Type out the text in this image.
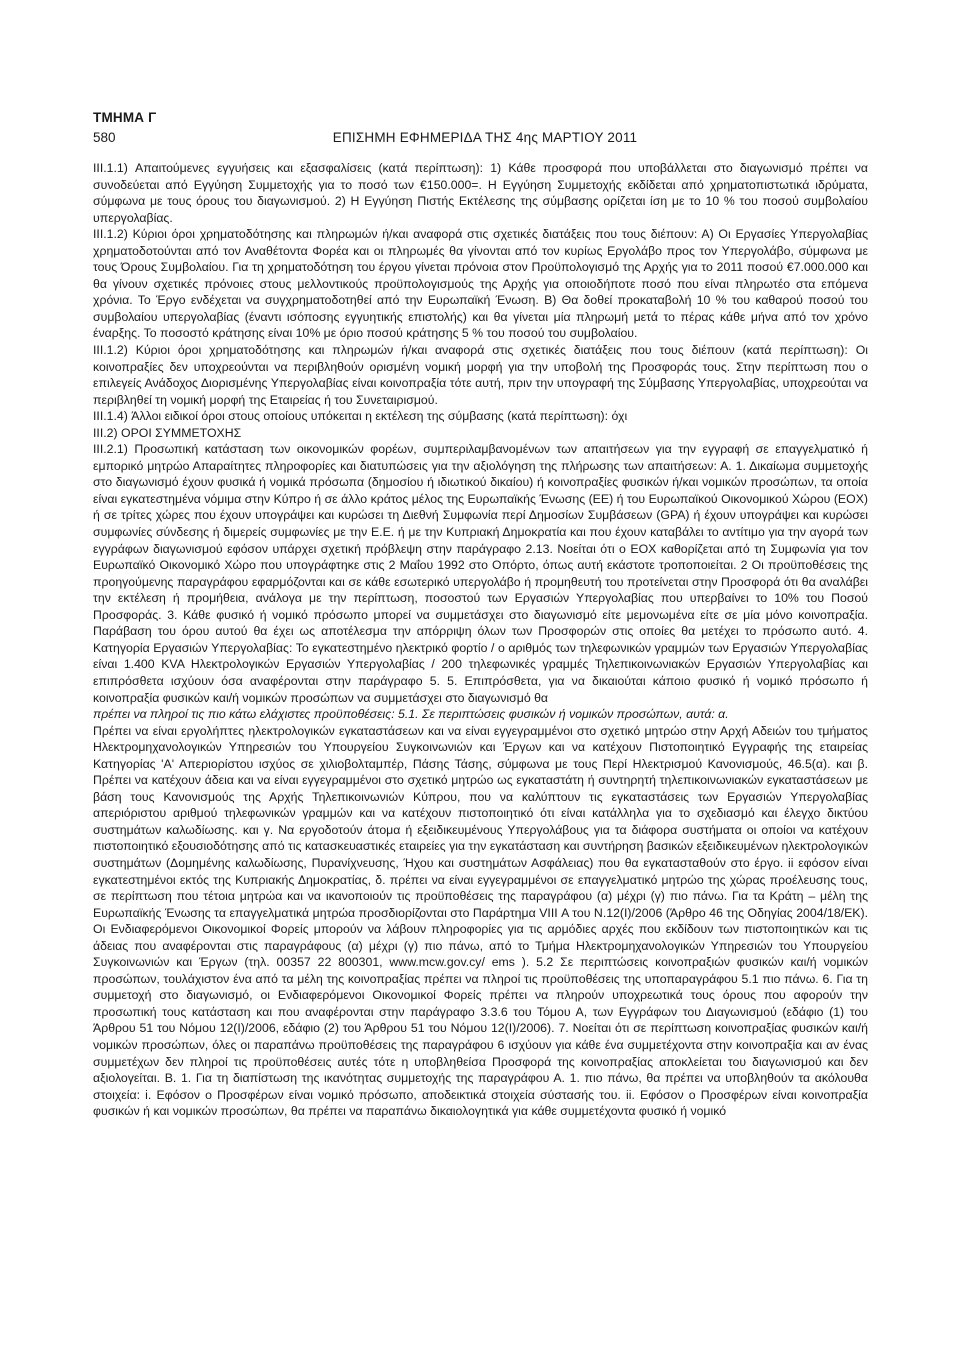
ΤΜΗΜΑ Γ
580	ΕΠΙΣΗΜΗ ΕΦΗΜΕΡΙΔΑ ΤΗΣ 4ης ΜΑΡΤΙΟΥ 2011

III.1.1) Απαιτούμενες εγγυήσεις και εξασφαλίσεις (κατά περίπτωση): 1) Κάθε προσφορά που υποβάλλεται στο διαγωνισμό πρέπει να συνοδεύεται από Εγγύηση Συμμετοχής για το ποσό των €150.000=. Η Εγγύηση Συμμετοχής εκδίδεται από χρηματοπιστωτικά ιδρύματα, σύμφωνα με τους όρους του διαγωνισμού. 2) Η Εγγύηση Πιστής Εκτέλεσης της σύμβασης ορίζεται ίση με το 10 % του ποσού συμβολαίου υπεργολαβίας.

III.1.2) Κύριοι όροι χρηματοδότησης και πληρωμών ή/και αναφορά στις σχετικές διατάξεις που τους διέπουν: Α) Οι Εργασίες Υπεργολαβίας χρηματοδοτούνται από τον Αναθέτοντα Φορέα και οι πληρωμές θα γίνονται από τον κυρίως Εργολάβο προς τον Υπεργολάβο, σύμφωνα με τους Όρους Συμβολαίου. Για τη χρηματοδότηση του έργου γίνεται πρόνοια στον Προϋπολογισμό της Αρχής για το 2011 ποσού €7.000.000 και θα γίνουν σχετικές πρόνοιες στους μελλοντικούς προϋπολογισμούς της Αρχής για οποιοδήποτε ποσό που είναι πληρωτέο στα επόμενα χρόνια. Το Έργο ενδέχεται να συγχρηματοδοτηθεί από την Ευρωπαϊκή Ένωση. Β) Θα δοθεί προκαταβολή 10 % του καθαρού ποσού του συμβολαίου υπεργολαβίας (έναντι ισόποσης εγγυητικής επιστολής) και θα γίνεται μία πληρωμή μετά το πέρας κάθε μήνα από τον χρόνο έναρξης. Το ποσοστό κράτησης είναι 10% με όριο ποσού κράτησης 5 % του ποσού του συμβολαίου.

III.1.2) Κύριοι όροι χρηματοδότησης και πληρωμών ή/και αναφορά στις σχετικές διατάξεις που τους διέπουν (κατά περίπτωση): Οι κοινοπραξίες δεν υποχρεούνται να περιβληθούν ορισμένη νομική μορφή για την υποβολή της Προσφοράς τους. Στην περίπτωση που ο επιλεγείς Ανάδοχος Διορισμένης Υπεργολαβίας είναι κοινοπραξία τότε αυτή, πριν την υπογραφή της Σύμβασης Υπεργολαβίας, υποχρεούται να περιβληθεί τη νομική μορφή της Εταιρείας ή του Συνεταιρισμού.

III.1.4) Άλλοι ειδικοί όροι στους οποίους υπόκειται η εκτέλεση της σύμβασης (κατά περίπτωση): όχι

III.2) ΟΡΟΙ ΣΥΜΜΕΤΟΧΗΣ

III.2.1) Προσωπική κατάσταση των οικονομικών φορέων, συμπεριλαμβανομένων των απαιτήσεων για την εγγραφή σε επαγγελματικό ή εμπορικό μητρώο Απαραίτητες πληροφορίες και διατυπώσεις για την αξιολόγηση της πλήρωσης των απαιτήσεων: Α. 1. Δικαίωμα συμμετοχής στο διαγωνισμό έχουν φυσικά ή νομικά πρόσωπα (δημοσίου ή ιδιωτικού δικαίου) ή κοινοπραξίες φυσικών ή/και νομικών προσώπων, τα οποία είναι εγκατεστημένα νόμιμα στην Κύπρο ή σε άλλο κράτος μέλος της Ευρωπαϊκής Ένωσης (ΕΕ) ή του Ευρωπαϊκού Οικονομικού Χώρου (ΕΟΧ) ή σε τρίτες χώρες που έχουν υπογράψει και κυρώσει τη Διεθνή Συμφωνία περί Δημοσίων Συμβάσεων (GPA) ή έχουν υπογράψει και κυρώσει συμφωνίες σύνδεσης ή διμερείς συμφωνίες με την Ε.Ε. ή με την Κυπριακή Δημοκρατία και που έχουν καταβάλει το αντίτιμο για την αγορά των εγγράφων διαγωνισμού εφόσον υπάρχει σχετική πρόβλεψη στην παράγραφο 2.13. Νοείται ότι ο ΕΟΧ καθορίζεται από τη Συμφωνία για τον Ευρωπαϊκό Οικονομικό Χώρο που υπογράφτηκε στις 2 Μαΐου 1992 στο Οπόρτο, όπως αυτή εκάστοτε τροποποιείται. 2 Οι προϋποθέσεις της προηγούμενης παραγράφου εφαρμόζονται και σε κάθε εσωτερικό υπεργολάβο ή προμηθευτή του προτείνεται στην Προσφορά ότι θα αναλάβει την εκτέλεση ή προμήθεια, ανάλογα με την περίπτωση, ποσοστού των Εργασιών Υπεργολαβίας που υπερβαίνει το 10% του Ποσού Προσφοράς. 3. Κάθε φυσικό ή νομικό πρόσωπο μπορεί να συμμετάσχει στο διαγωνισμό είτε μεμονωμένα είτε σε μία μόνο κοινοπραξία. Παράβαση του όρου αυτού θα έχει ως αποτέλεσμα την απόρριψη όλων των Προσφορών στις οποίες θα μετέχει το πρόσωπο αυτό. 4. Κατηγορία Εργασιών Υπεργολαβίας: Το εγκατεστημένο ηλεκτρικό φορτίο / ο αριθμός των τηλεφωνικών γραμμών των Εργασιών Υπεργολαβίας είναι 1.400 KVA Ηλεκτρολογικών Εργασιών Υπεργολαβίας / 200 τηλεφωνικές γραμμές Τηλεπικοινωνιακών Εργασιών Υπεργολαβίας και επιπρόσθετα ισχύουν όσα αναφέρονται στην παράγραφο 5. 5. Επιπρόσθετα, για να δικαιούται κάποιο φυσικό ή νομικό πρόσωπο ή κοινοπραξία φυσικών και/ή νομικών προσώπων να συμμετάσχει στο διαγωνισμό θα

πρέπει να πληροί τις πιο κάτω ελάχιστες προϋποθέσεις: 5.1. Σε περιπτώσεις φυσικών ή νομικών προσώπων, αυτά: α.

Πρέπει να είναι εργολήπτες ηλεκτρολογικών εγκαταστάσεων και να είναι εγγεγραμμένοι στο σχετικό μητρώο στην Αρχή Αδειών του τμήματος Ηλεκτρομηχανολογικών Υπηρεσιών του Υπουργείου Συγκοινωνιών και Έργων και να κατέχουν Πιστοποιητικό Εγγραφής της εταιρείας Κατηγορίας 'Α' Απεριορίστου ισχύος σε χιλιοβολταμπέρ, Πάσης Τάσης, σύμφωνα με τους Περί Ηλεκτρισμού Κανονισμούς, 46.5(α). και β. Πρέπει να κατέχουν άδεια και να είναι εγγεγραμμένοι στο σχετικό μητρώο ως εγκαταστάτη ή συντηρητή τηλεπικοινωνιακών εγκαταστάσεων με βάση τους Κανονισμούς της Αρχής Τηλεπικοινωνιών Κύπρου, που να καλύπτουν τις εγκαταστάσεις των Εργασιών Υπεργολαβίας απεριόριστου αριθμού τηλεφωνικών γραμμών και να κατέχουν πιστοποιητικό ότι είναι κατάλληλα για το σχεδιασμό και έλεγχο δικτύου συστημάτων καλωδίωσης. και γ. Να εργοδοτούν άτομα ή εξειδικευμένους Υπεργολάβους για τα διάφορα συστήματα οι οποίοι να κατέχουν πιστοποιητικό εξουσιοδότησης από τις κατασκευαστικές εταιρείες για την εγκατάσταση και συντήρηση βασικών εξειδικευμένων ηλεκτρολογικών συστημάτων (Δομημένης καλωδίωσης, Πυρανίχνευσης, Ήχου και συστημάτων Ασφάλειας) που θα εγκατασταθούν στο έργο. ii εφόσον είναι εγκατεστημένοι εκτός της Κυπριακής Δημοκρατίας, δ. πρέπει να είναι εγγεγραμμένοι σε επαγγελματικό μητρώο της χώρας προέλευσης τους, σε περίπτωση που τέτοια μητρώα και να ικανοποιούν τις προϋποθέσεις της παραγράφου (α) μέχρι (γ) πιο πάνω. Για τα Κράτη – μέλη της Ευρωπαϊκής Ένωσης τα επαγγελματικά μητρώα προσδιορίζονται στο Παράρτημα VIII Α του Ν.12(Ι)/2006 (Άρθρο 46 της Οδηγίας 2004/18/ΕΚ). Οι Ενδιαφερόμενοι Οικονομικοί Φορείς μπορούν να λάβουν πληροφορίες για τις αρμόδιες αρχές που εκδίδουν των πιστοποιητικών και τις άδειας που αναφέρονται στις παραγράφους (α) μέχρι (γ) πιο πάνω, από το Τμήμα Ηλεκτρομηχανολογικών Υπηρεσιών του Υπουργείου Συγκοινωνιών και Έργων (τηλ. 00357 22 800301, www.mcw.gov.cy/ ems ). 5.2 Σε περιπτώσεις κοινοπραξιών φυσικών και/ή νομικών προσώπων, τουλάχιστον ένα από τα μέλη της κοινοπραξίας πρέπει να πληροί τις προϋποθέσεις της υποπαραγράφου 5.1 πιο πάνω. 6. Για τη συμμετοχή στο διαγωνισμό, οι Ενδιαφερόμενοι Οικονομικοί Φορείς πρέπει να πληρούν υποχρεωτικά τους όρους που αφορούν την προσωπική τους κατάσταση και που αναφέρονται στην παράγραφο 3.3.6 του Τόμου Α, των Εγγράφων του Διαγωνισμού (εδάφιο (1) του Άρθρου 51 του Νόμου 12(Ι)/2006, εδάφιο (2) του Άρθρου 51 του Νόμου 12(Ι)/2006). 7. Νοείται ότι σε περίπτωση κοινοπραξίας φυσικών και/ή νομικών προσώπων, όλες οι παραπάνω προϋποθέσεις της παραγράφου 6 ισχύουν για κάθε ένα συμμετέχοντα στην κοινοπραξία και αν ένας συμμετέχων δεν πληροί τις προϋποθέσεις αυτές τότε η υποβληθείσα Προσφορά της κοινοπραξίας αποκλείεται του διαγωνισμού και δεν αξιολογείται. Β. 1. Για τη διαπίστωση της ικανότητας συμμετοχής της παραγράφου Α. 1. πιο πάνω, θα πρέπει να υποβληθούν τα ακόλουθα στοιχεία: i. Εφόσον ο Προσφέρων είναι νομικό πρόσωπο, αποδεικτικά στοιχεία σύστασής του. ii. Εφόσον ο Προσφέρων είναι κοινοπραξία φυσικών ή και νομικών προσώπων, θα πρέπει να παραπάνω δικαιολογητικά για κάθε συμμετέχοντα φυσικό ή νομικό
